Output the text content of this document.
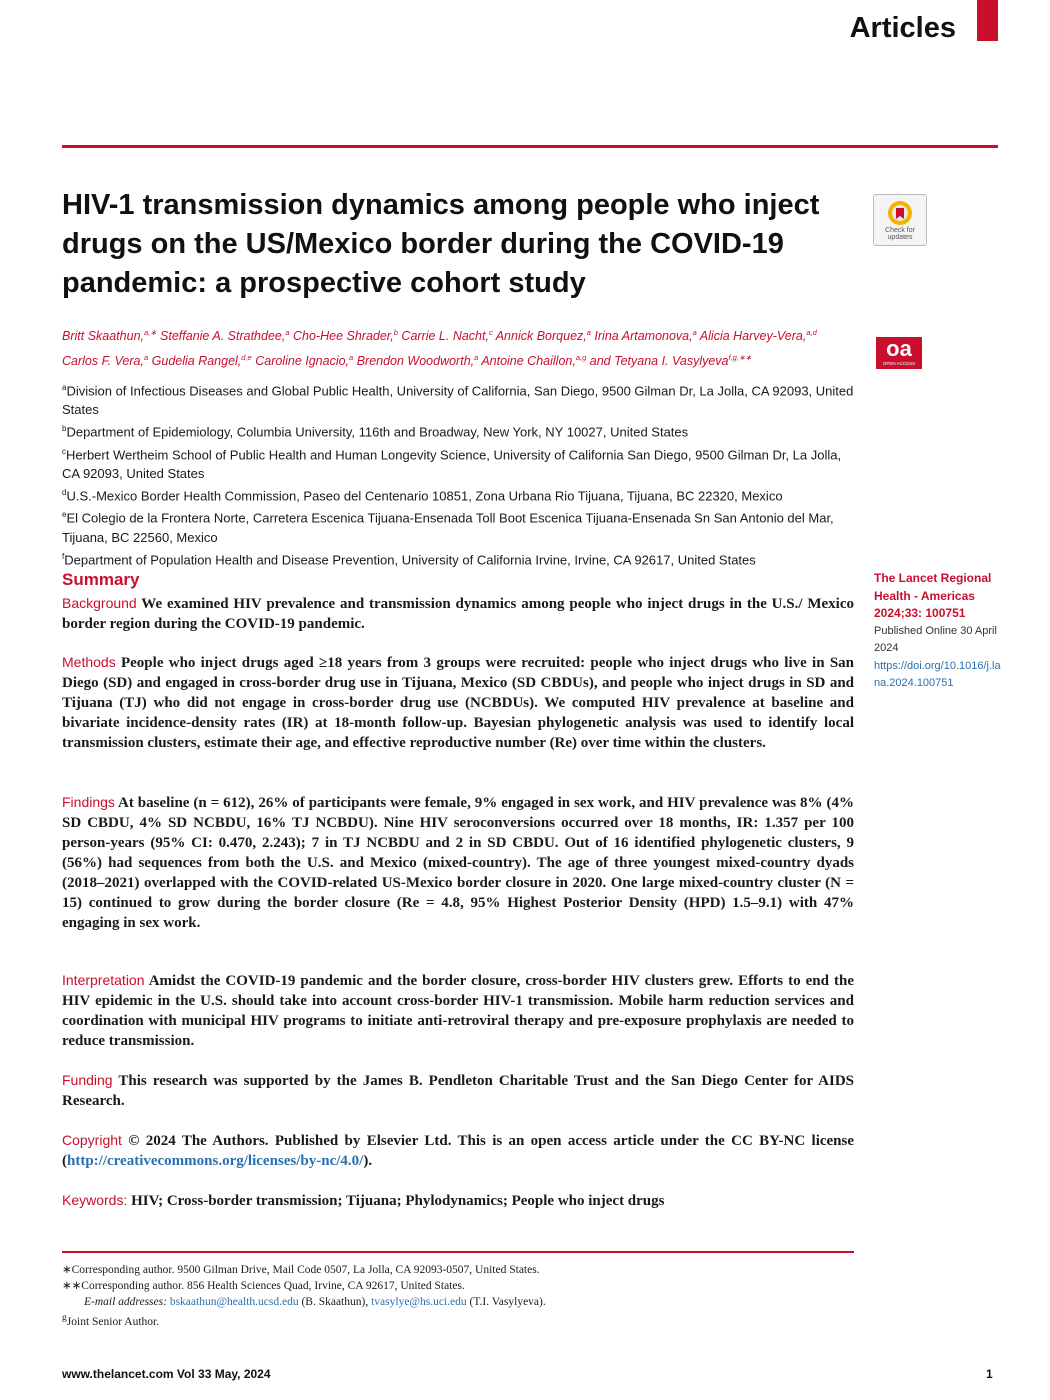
Articles
HIV-1 transmission dynamics among people who inject drugs on the US/Mexico border during the COVID-19 pandemic: a prospective cohort study
Check for updates
Britt Skaathun,$^{a,∗}$ Steffanie A. Strathdee,$^a$ Cho-Hee Shrader,$^b$ Carrie L. Nacht,$^c$ Annick Borquez,$^a$ Irina Artamonova,$^a$ Alicia Harvey-Vera,$^{a,d}$
Carlos F. Vera,$^a$ Gudelia Rangel,$^{d,e}$ Caroline Ignacio,$^a$ Brendon Woodworth,$^a$ Antoine Chaillon,$^{a,g}$ and Tetyana I. Vasylyeva$^{f,g,∗∗}$	oa
OPEN ACCESS

$^a$Division of Infectious Diseases and Global Public Health, University of California, San Diego, 9500 Gilman Dr, La Jolla, CA 92093, United States

$^b$Department of Epidemiology, Columbia University, 116th and Broadway, New York, NY 10027, United States

$^c$Herbert Wertheim School of Public Health and Human Longevity Science, University of California San Diego, 9500 Gilman Dr, La Jolla, CA 92093, United States

$^d$U.S.-Mexico Border Health Commission, Paseo del Centenario 10851, Zona Urbana Rio Tijuana, Tijuana, BC 22320, Mexico

$^e$El Colegio de la Frontera Norte, Carretera Escenica Tijuana-Ensenada Toll Boot Escenica Tijuana-Ensenada Sn San Antonio del Mar, Tijuana, BC 22560, Mexico

$^f$Department of Population Health and Disease Prevention, University of California Irvine, Irvine, CA 92617, United States

Summary

Background We examined HIV prevalence and transmission dynamics among people who inject drugs in the U.S./ Mexico border region during the COVID-19 pandemic.

Methods People who inject drugs aged ≥18 years from 3 groups were recruited: people who inject drugs who live in San Diego (SD) and engaged in cross-border drug use in Tijuana, Mexico (SD CBDUs), and people who inject drugs in SD and Tijuana (TJ) who did not engage in cross-border drug use (NCBDUs). We computed HIV prevalence at baseline and bivariate incidence-density rates (IR) at 18-month follow-up. Bayesian phylogenetic analysis was used to identify local transmission clusters, estimate their age, and effective reproductive number (Re) over time within the clusters.

Findings At baseline (n = 612), 26% of participants were female, 9% engaged in sex work, and HIV prevalence was 8% (4% SD CBDU, 4% SD NCBDU, 16% TJ NCBDU). Nine HIV seroconversions occurred over 18 months, IR: 1.357 per 100 person-years (95% CI: 0.470, 2.243); 7 in TJ NCBDU and 2 in SD CBDU. Out of 16 identified phylogenetic clusters, 9 (56%) had sequences from both the U.S. and Mexico (mixed-country). The age of three youngest mixed-country dyads (2018–2021) overlapped with the COVID-related US-Mexico border closure in 2020. One large mixed-country cluster (N = 15) continued to grow during the border closure (Re = 4.8, 95% Highest Posterior Density (HPD) 1.5–9.1) with 47% engaging in sex work.

Interpretation Amidst the COVID-19 pandemic and the border closure, cross-border HIV clusters grew. Efforts to end the HIV epidemic in the U.S. should take into account cross-border HIV-1 transmission. Mobile harm reduction services and coordination with municipal HIV programs to initiate anti-retroviral therapy and pre-exposure prophylaxis are needed to reduce transmission.

Funding This research was supported by the James B. Pendleton Charitable Trust and the San Diego Center for AIDS Research.

Copyright © 2024 The Authors. Published by Elsevier Ltd. This is an open access article under the CC BY-NC license (http://creativecommons.org/licenses/by-nc/4.0/).

Keywords: HIV; Cross-border transmission; Tijuana; Phylodynamics; People who inject drugs

The Lancet Regional Health - Americas 2024;33: 100751
Published Online 30 April 2024
https://doi.org/10.1016/j.lana.2024.100751

∗Corresponding author. 9500 Gilman Drive, Mail Code 0507, La Jolla, CA 92093-0507, United States.

∗∗Corresponding author. 856 Health Sciences Quad, Irvine, CA 92617, United States.

E-mail addresses: bskaathun@health.ucsd.edu (B. Skaathun), tvasylye@hs.uci.edu (T.I. Vasylyeva).

$^g$Joint Senior Author.

www.thelancet.com Vol 33 May, 2024	1
